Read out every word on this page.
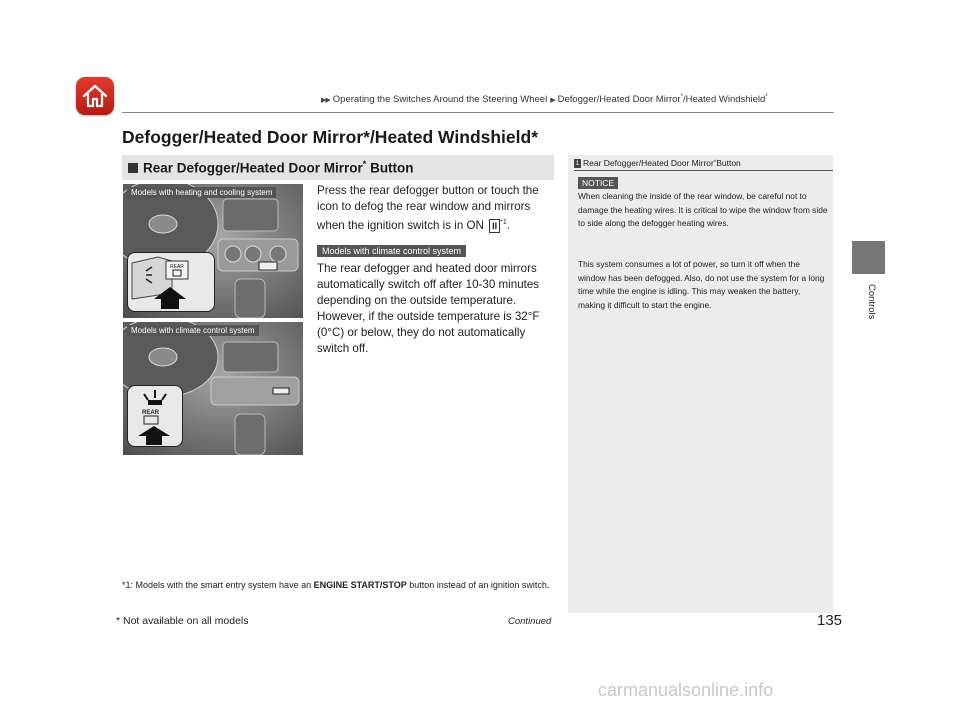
▶▶ Operating the Switches Around the Steering Wheel ▶ Defogger/Heated Door Mirror*/Heated Windshield*
Defogger/Heated Door Mirror*/Heated Windshield*
Rear Defogger/Heated Door Mirror* Button
Models with heating and cooling system
REAR
Models with climate control system
REAR
Press the rear defogger button or touch the icon to defog the rear window and mirrors when the ignition switch is in ON II $^{*1}$.
Models with climate control system
The rear defogger and heated door mirrors automatically switch off after 10-30 minutes depending on the outside temperature. However, if the outside temperature is 32°F (0°C) or below, they do not automatically switch off.
*1: Models with the smart entry system have an ENGINE START/STOP button instead of an ignition switch.
1 Rear Defogger/Heated Door Mirror * Button
NOTICE
When cleaning the inside of the rear window, be careful not to damage the heating wires. It is critical to wipe the window from side to side along the defogger heating wires.
This system consumes a lot of power, so turn it off when the window has been defogged. Also, do not use the system for a long time while the engine is idling. This may weaken the battery, making it difficult to start the engine.	Controls
* Not available on all models	Continued	135
carmanualsonline.info
